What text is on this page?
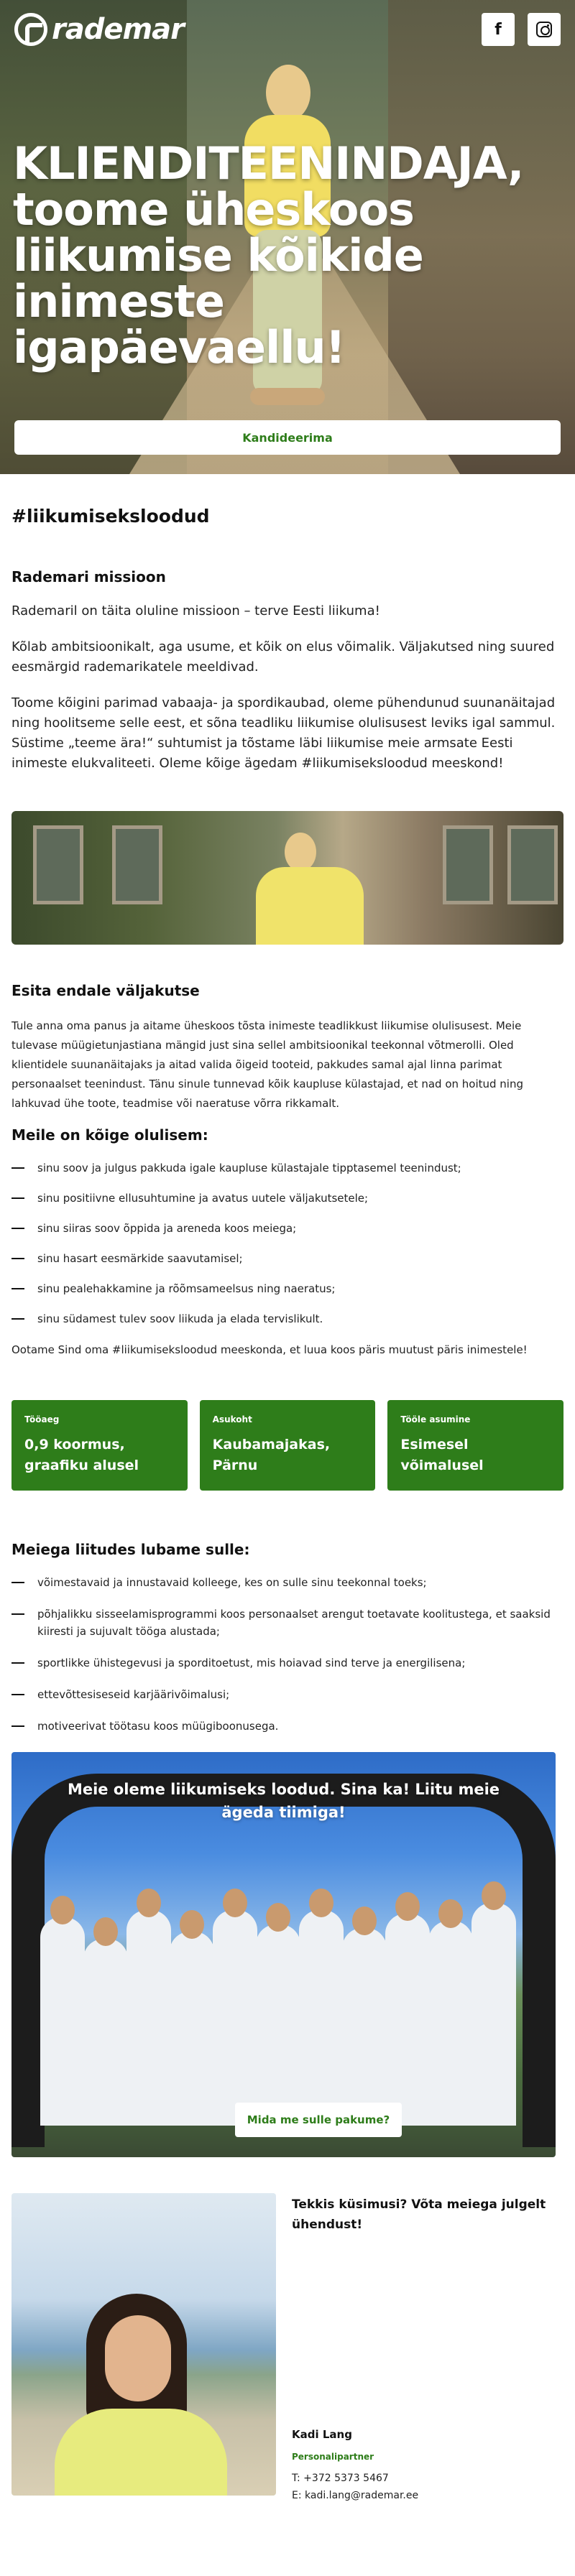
rademar	f
KLIENDITEENINDAJA, toome üheskoos liikumise kõikide inimeste igapäevaellu!
Kandideerima
#liikumiseksloodud
Rademari missioon

Rademaril on täita oluline missioon – terve Eesti liikuma!

Kõlab ambitsioonikalt, aga usume, et kõik on elus võimalik. Väljakutsed ning suured eesmärgid rademarikatele meeldivad.

Toome kõigini parimad vabaaja- ja spordikaubad, oleme pühendunud suunanäitajad ning hoolitseme selle eest, et sõna teadliku liikumise olulisusest leviks igal sammul. Süstime „teeme ära!“ suhtumist ja tõstame läbi liikumise meie armsate Eesti inimeste elukvaliteeti. Oleme kõige ägedam #liikumiseksloodud meeskond!

Esita endale väljakutse

Tule anna oma panus ja aitame üheskoos tõsta inimeste teadlikkust liikumise olulisusest. Meie tulevase müügietunjastiana mängid just sina sellel ambitsioonikal teekonnal võtmerolli. Oled klientidele suunanäitajaks ja aitad valida õigeid tooteid, pakkudes samal ajal linna parimat personaalset teenindust. Tänu sinule tunnevad kõik kaupluse külastajad, et nad on hoitud ning lahkuvad ühe toote, teadmise või naeratuse võrra rikkamalt.

Meile on kõige olulisem:
sinu soov ja julgus pakkuda igale kaupluse külastajale tipptasemel teenindust;
sinu positiivne ellusuhtumine ja avatus uutele väljakutsetele;
sinu siiras soov õppida ja areneda koos meiega;
sinu hasart eesmärkide saavutamisel;
sinu pealehakkamine ja rõõmsameelsus ning naeratus;
sinu südamest tulev soov liikuda ja elada tervislikult.

Ootame Sind oma #liikumiseksloodud meeskonda, et luua koos päris muutust päris inimestele!

Tööaeg
0,9 koormus, graafiku alusel
Asukoht
Kaubamajakas, Pärnu
Tööle asumine
Esimesel võimalusel
Meiega liitudes lubame sulle:
võimestavaid ja innustavaid kolleege, kes on sulle sinu teekonnal toeks;
põhjalikku sisseelamisprogrammi koos personaalset arengut toetavate koolitustega, et saaksid kiiresti ja sujuvalt tööga alustada;
sportlikke ühistegevusi ja sporditoetust, mis hoiavad sind terve ja energilisena;
ettevõttesiseseid karjäärivõimalusi;
motiveerivat töötasu koos müügiboonusega.
Meie oleme liikumiseks loodud. Sina ka! Liitu meie ägeda tiimiga!
Mida me sulle pakume?

Tekkis küsimusi? Võta meiega julgelt ühendust!

Kadi Lang

Personalipartner

T: +372 5373 5467
E: kadi.lang@rademar.ee
